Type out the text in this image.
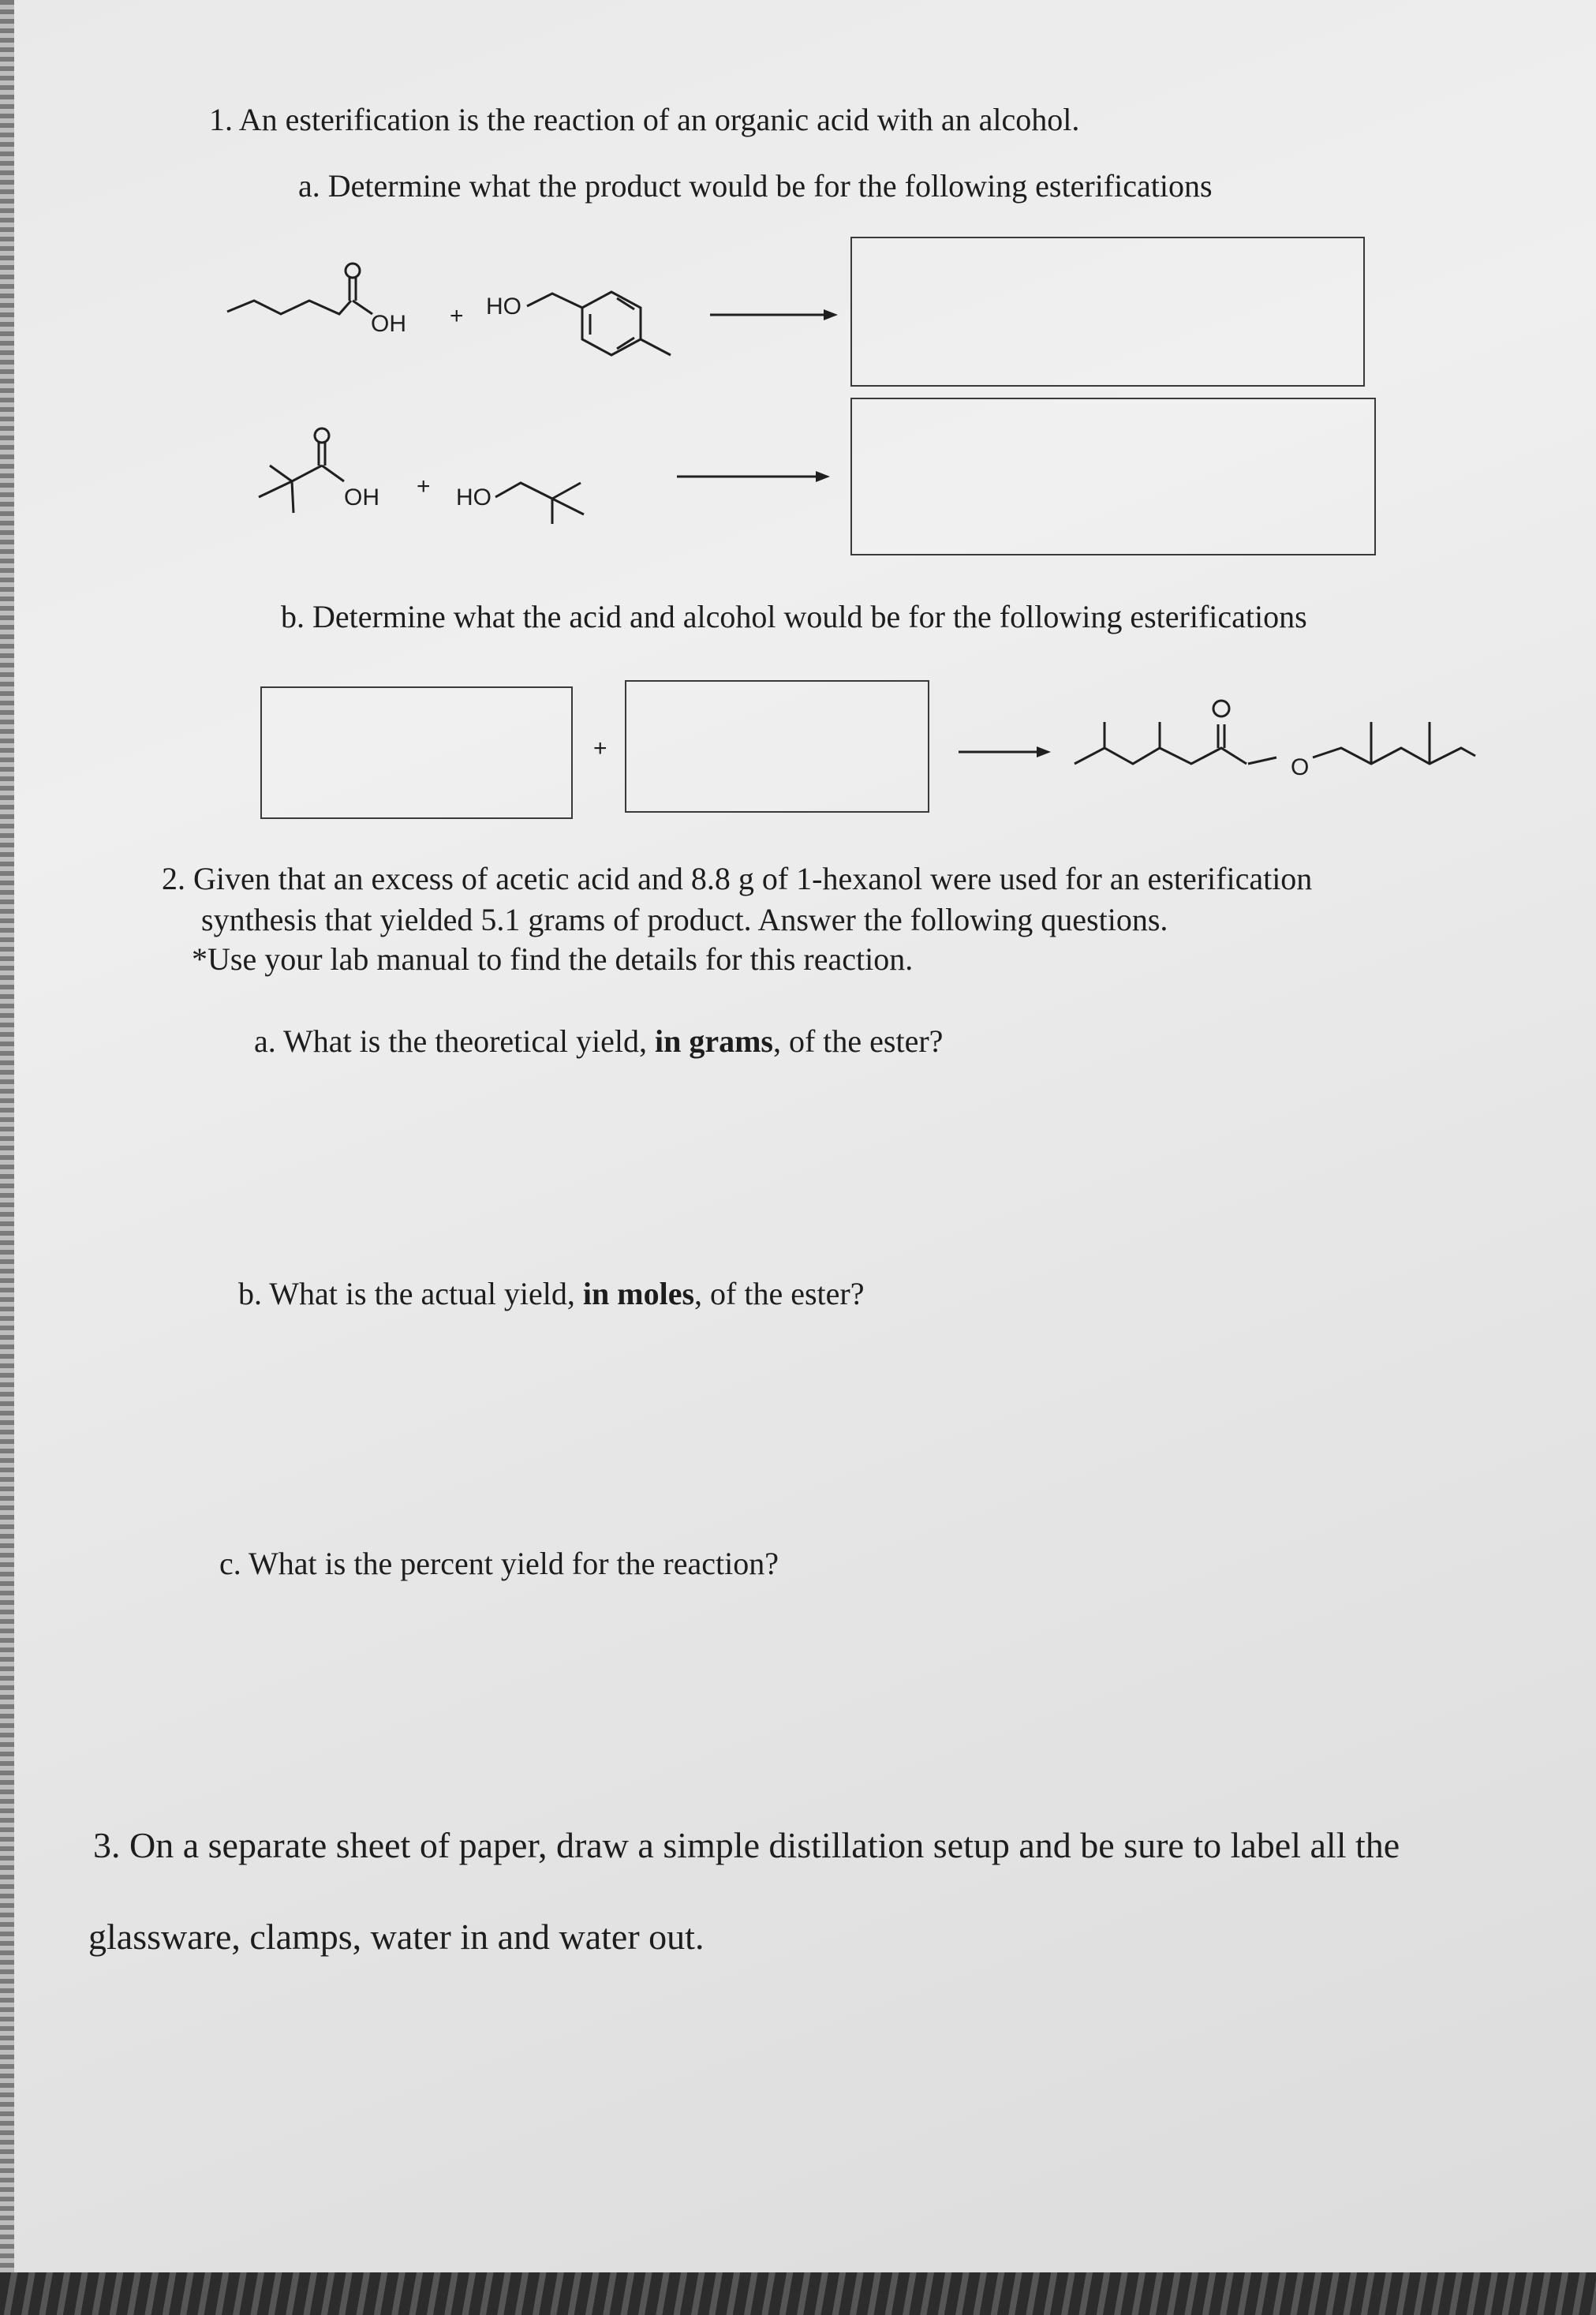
1. An esterification is the reaction of an organic acid with an alcohol.
a. Determine what the product would be for the following esterifications
OH + HO
OH + HO
+
O
b. Determine what the acid and alcohol would be for the following esterifications
2. Given that an excess of acetic acid and 8.8 g of 1-hexanol were used for an esterification
synthesis that yielded 5.1 grams of product. Answer the following questions.
*Use your lab manual to find the details for this reaction.
a. What is the theoretical yield, in grams, of the ester?
b. What is the actual yield, in moles, of the ester?
c. What is the percent yield for the reaction?
3. On a separate sheet of paper, draw a simple distillation setup and be sure to label all the
glassware, clamps, water in and water out.
